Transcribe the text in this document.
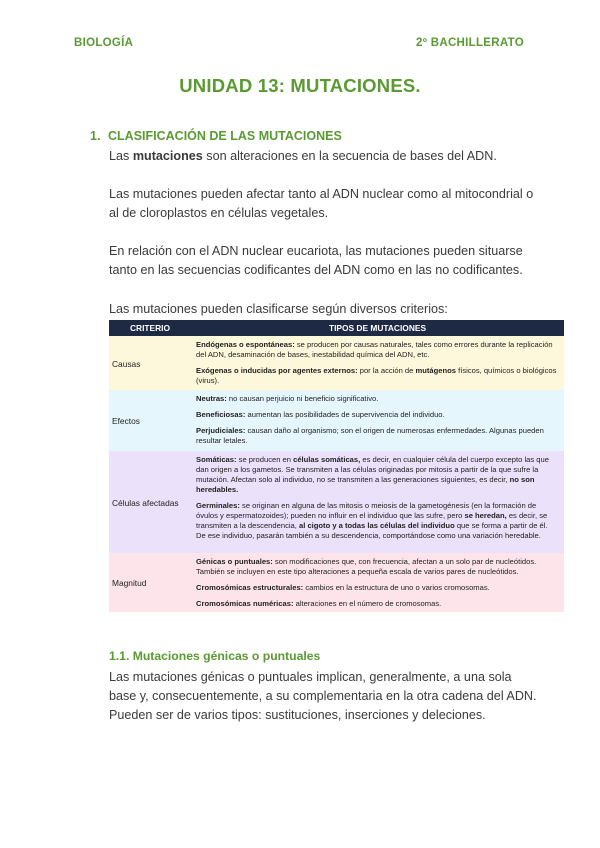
BIOLOGÍA	2º BACHILLERATO
UNIDAD 13: MUTACIONES.
1. CLASIFICACIÓN DE LAS MUTACIONES
Las mutaciones son alteraciones en la secuencia de bases del ADN.
Las mutaciones pueden afectar tanto al ADN nuclear como al mitocondrial o al de cloroplastos en células vegetales.
En relación con el ADN nuclear eucariota, las mutaciones pueden situarse tanto en las secuencias codificantes del ADN como en las no codificantes.
Las mutaciones pueden clasificarse según diversos criterios:
CRITERIO	TIPOS DE MUTACIONES
Causas	Endógenas o espontáneas: se producen por causas naturales, tales como errores durante la replicación del ADN, desaminación de bases, inestabilidad química del ADN, etc.
Exógenas o inducidas por agentes externos: por la acción de mutágenos físicos, químicos o biológicos (virus).

Efectos	Neutras: no causan perjuicio ni beneficio significativo.
Beneficiosas: aumentan las posibilidades de supervivencia del individuo.
Perjudiciales: causan daño al organismo; son el origen de numerosas enfermedades. Algunas pueden resultar letales.

Células afectadas	Somáticas: se producen en células somáticas, es decir, en cualquier célula del cuerpo excepto las que dan origen a los gametos. Se transmiten a las células originadas por mitosis a partir de la que sufre la mutación. Afectan solo al individuo, no se transmiten a las generaciones siguientes, es decir, no son heredables.
Germinales: se originan en alguna de las mitosis o meiosis de la gametogénesis (en la formación de óvulos y espermatozoides); pueden no influir en el individuo que las sufre, pero se heredan, es decir, se transmiten a la descendencia, al cigoto y a todas las células del individuo que se forma a partir de él. De ese individuo, pasarán también a su descendencia, comportándose como una variación heredable.

Magnitud	Génicas o puntuales: son modificaciones que, con frecuencia, afectan a un solo par de nucleótidos. También se incluyen en este tipo alteraciones a pequeña escala de varios pares de nucleótidos.
Cromosómicas estructurales: cambios en la estructura de uno o varios cromosomas.
Cromosómicas numéricas: alteraciones en el número de cromosomas.
1.1. Mutaciones génicas o puntuales
Las mutaciones génicas o puntuales implican, generalmente, a una sola base y, consecuentemente, a su complementaria en la otra cadena del ADN.
Pueden ser de varios tipos: sustituciones, inserciones y deleciones.
